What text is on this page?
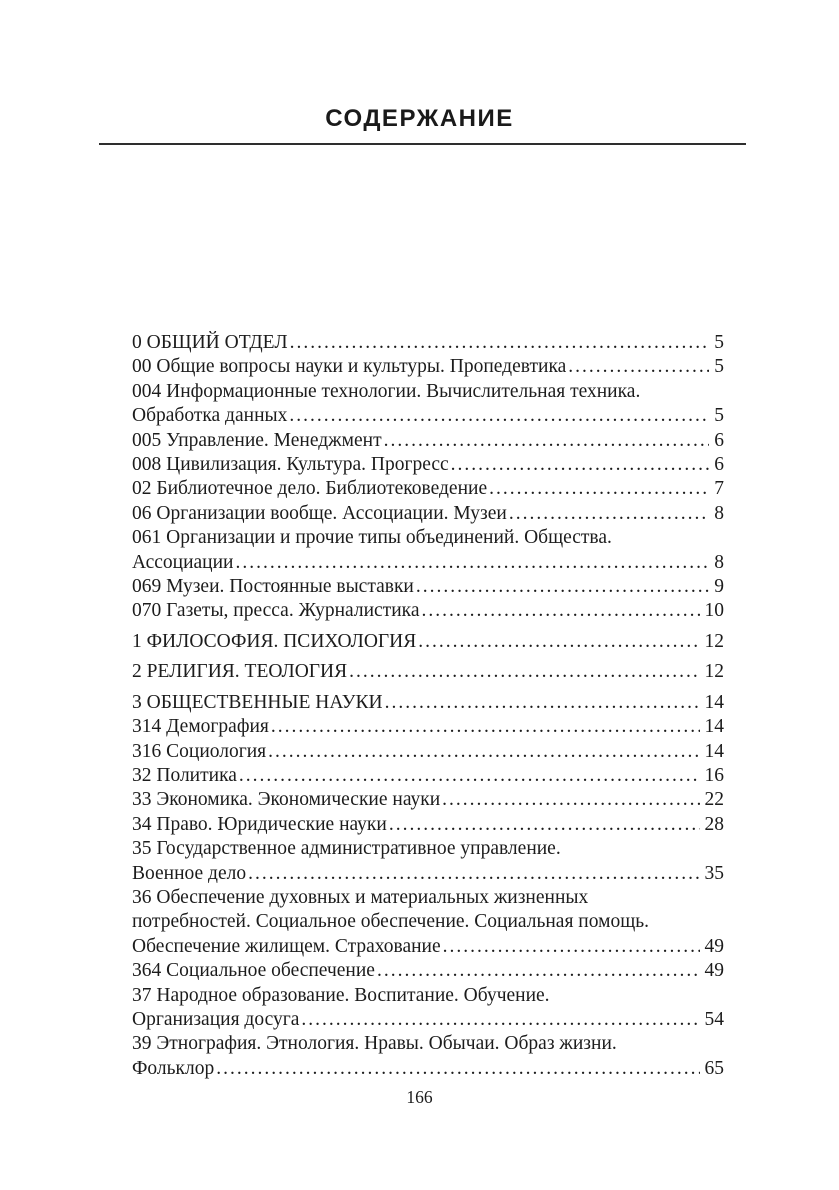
СОДЕРЖАНИЕ
0 ОБЩИЙ ОТДЕЛ .....	5
00 Общие вопросы науки и культуры. Пропедевтика .....	5
004 Информационные технологии. Вычислительная техника.
Обработка данных .....	5
005 Управление. Менеджмент .....	6
008 Цивилизация. Культура. Прогресс .....	6
02 Библиотечное дело. Библиотековедение .....	7
06 Организации вообще. Ассоциации. Музеи .....	8
061 Организации и прочие типы объединений. Общества.
Ассоциации .....	8
069 Музеи. Постоянные выставки .....	9
070 Газеты, пресса. Журналистика .....	10
1 ФИЛОСОФИЯ. ПСИХОЛОГИЯ .....	12
2 РЕЛИГИЯ. ТЕОЛОГИЯ .....	12
3 ОБЩЕСТВЕННЫЕ НАУКИ .....	14
314 Демография .....	14
316 Социология .....	14
32 Политика .....	16
33 Экономика. Экономические науки .....	22
34 Право. Юридические науки .....	28
35 Государственное административное управление.
Военное дело .....	35
36 Обеспечение духовных и материальных жизненных
потребностей. Социальное обеспечение. Социальная помощь.
Обеспечение жилищем. Страхование .....	49
364 Социальное обеспечение .....	49
37 Народное образование. Воспитание. Обучение.
Организация досуга .....	54
39 Этнография. Этнология. Нравы. Обычаи. Образ жизни.
Фольклор .....	65
166
